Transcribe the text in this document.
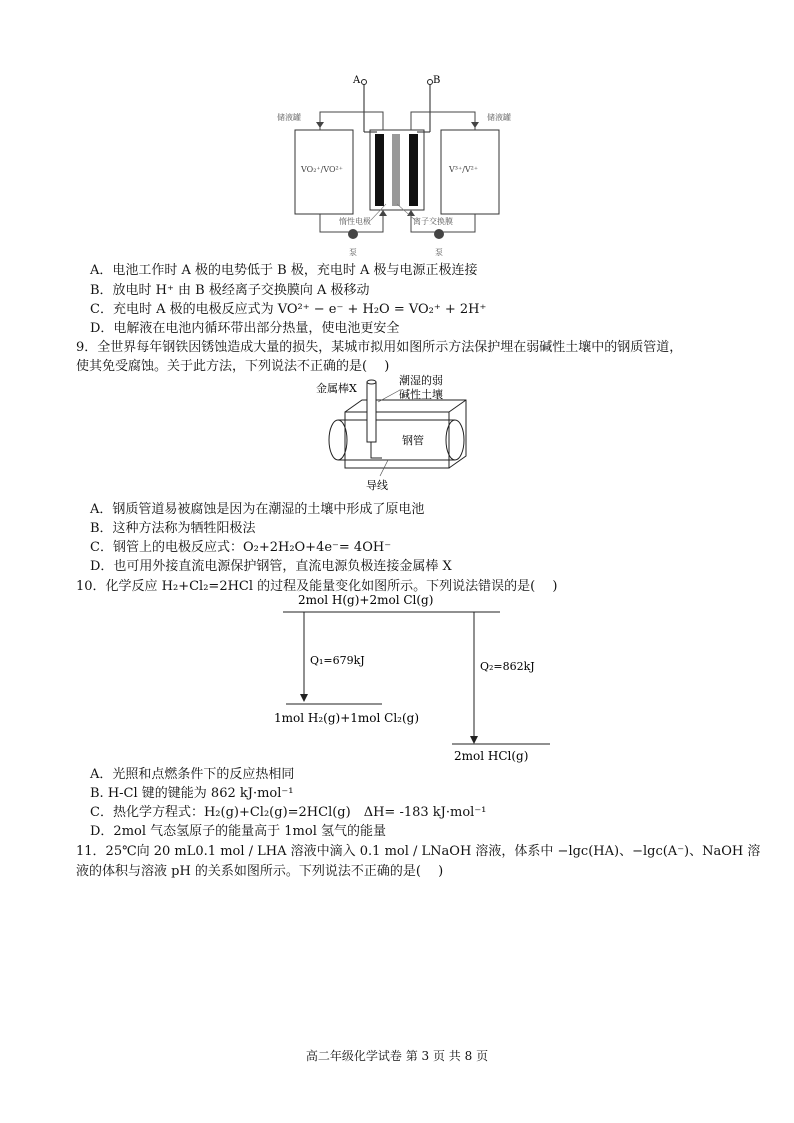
A	B
储液罐
VO₂⁺/VO²⁺
储液罐
V³⁺/V²⁺
泵	泵
惰性电极	离子交换膜
A．电池工作时 A 极的电势低于 B 极，充电时 A 极与电源正极连接
B．放电时 H⁺ 由 B 极经离子交换膜向 A 极移动
C．充电时 A 极的电极反应式为 VO²⁺ − e⁻ + H₂O = VO₂⁺ + 2H⁺
D．电解液在电池内循环带出部分热量，使电池更安全
9．全世界每年钢铁因锈蚀造成大量的损失，某城市拟用如图所示方法保护埋在弱碱性土壤中的钢质管道，
使其免受腐蚀。关于此方法，下列说法不正确的是(　 )
金属棒X
潮湿的弱
碱性土壤
钢管
导线
A．钢质管道易被腐蚀是因为在潮湿的土壤中形成了原电池
B．这种方法称为牺牲阳极法
C．钢管上的电极反应式：O₂+2H₂O+4e⁻= 4OH⁻
D．也可用外接直流电源保护钢管，直流电源负极连接金属棒 X
10．化学反应 H₂+Cl₂=2HCl 的过程及能量变化如图所示。下列说法错误的是(　 )
2mol H(g)+2mol Cl(g)
Q₁=679kJ
1mol H₂(g)+1mol Cl₂(g)
Q₂=862kJ
2mol HCl(g)
A．光照和点燃条件下的反应热相同
B. H-Cl 键的键能为 862 kJ·mol⁻¹
C．热化学方程式：H₂(g)+Cl₂(g)=2HCl(g)　ΔH= -183 kJ·mol⁻¹
D．2mol 气态氢原子的能量高于 1mol 氢气的能量
11．25℃向 20 mL0.1 mol / LHA 溶液中滴入 0.1 mol / LNaOH 溶液，体系中 −lgc(HA)、−lgc(A⁻)、NaOH 溶
液的体积与溶液 pH 的关系如图所示。下列说法不正确的是(　 )
高二年级化学试卷 第 3 页 共 8 页
